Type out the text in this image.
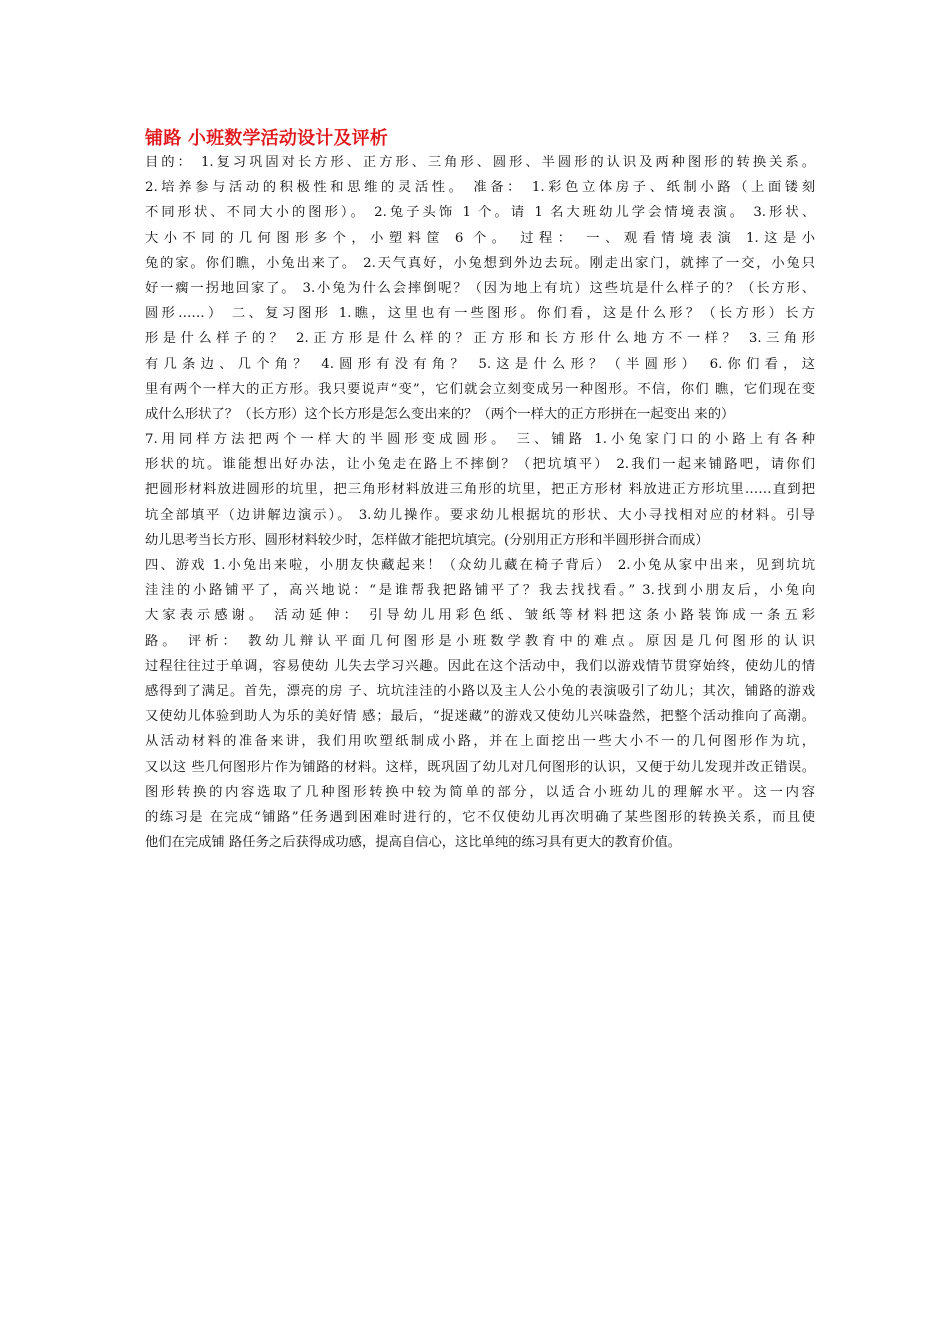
铺路 小班数学活动设计及评析
目的： 1.复习巩固对长方形、正方形、三角形、圆形、半圆形的认识及两种图形的转换关系。
2.培养参与活动的积极性和思维的灵活性。 准备： 1.彩色立体房子、纸制小路（上面镂刻
不同形状、不同大小的图形）。 2.兔子头饰 1 个。请 1 名大班幼儿学会情境表演。 3.形状、
大小不同的几何图形多个，小塑料筐 6 个。 过程： 一、观看情境表演 1.这是小
兔的家。你们瞧，小兔出来了。 2.天气真好，小兔想到外边去玩。刚走出家门，就摔了一交，小兔只
好一瘸一拐地回家了。 3.小兔为什么会摔倒呢？（因为地上有坑）这些坑是什么样子的？（长方形、
圆形……） 二、复习图形 1.瞧，这里也有一些图形。你们看，这是什么形？（长方形）长方
形是什么样子的？ 2.正方形是什么样的？正方形和长方形什么地方不一样？ 3.三角形
有几条边、几个角？ 4.圆形有没有角？ 5.这是什么形？（半圆形） 6.你们看，这
里有两个一样大的正方形。我只要说声“变”，它们就会立刻变成另一种图形。不信，你们 瞧，它们现在变
成什么形状了？（长方形）这个长方形是怎么变出来的？（两个一样大的正方形拼在一起变出 来的）
7.用同样方法把两个一样大的半圆形变成圆形。 三、铺路 1.小兔家门口的小路上有各种
形状的坑。谁能想出好办法，让小兔走在路上不摔倒？（把坑填平） 2.我们一起来铺路吧，请你们
把圆形材料放进圆形的坑里，把三角形材料放进三角形的坑里，把正方形材 料放进正方形坑里……直到把
坑全部填平（边讲解边演示）。 3.幼儿操作。要求幼儿根据坑的形状、大小寻找相对应的材料。引导
幼儿思考当长方形、圆形材料较少时，怎样做才能把坑填完。(分别用正方形和半圆形拼合而成）
四、游戏 1.小兔出来啦，小朋友快藏起来！（众幼儿藏在椅子背后） 2.小兔从家中出来，见到坑坑
洼洼的小路铺平了，高兴地说：“是谁帮我把路铺平了？我去找找看。” 3.找到小朋友后，小兔向
大家表示感谢。 活动延伸： 引导幼儿用彩色纸、皱纸等材料把这条小路装饰成一条五彩
路。 评析： 教幼儿辩认平面几何图形是小班数学教育中的难点。原因是几何图形的认识
过程往往过于单调，容易使幼 儿失去学习兴趣。因此在这个活动中，我们以游戏情节贯穿始终，使幼儿的情
感得到了满足。首先，漂亮的房 子、坑坑洼洼的小路以及主人公小兔的表演吸引了幼儿；其次，铺路的游戏
又使幼儿体验到助人为乐的美好情 感；最后，“捉迷藏”的游戏又使幼儿兴味盎然，把整个活动推向了高潮。
从活动材料的准备来讲，我们用吹塑纸制成小路，并在上面挖出一些大小不一的几何图形作为坑，
又以这 些几何图形片作为铺路的材料。这样，既巩固了幼儿对几何图形的认识，又便于幼儿发现并改正错误。
图形转换的内容选取了几种图形转换中较为简单的部分，以适合小班幼儿的理解水平。这一内容
的练习是 在完成“铺路”任务遇到困难时进行的，它不仅使幼儿再次明确了某些图形的转换关系，而且使
他们在完成铺 路任务之后获得成功感，提高自信心，这比单纯的练习具有更大的教育价值。
